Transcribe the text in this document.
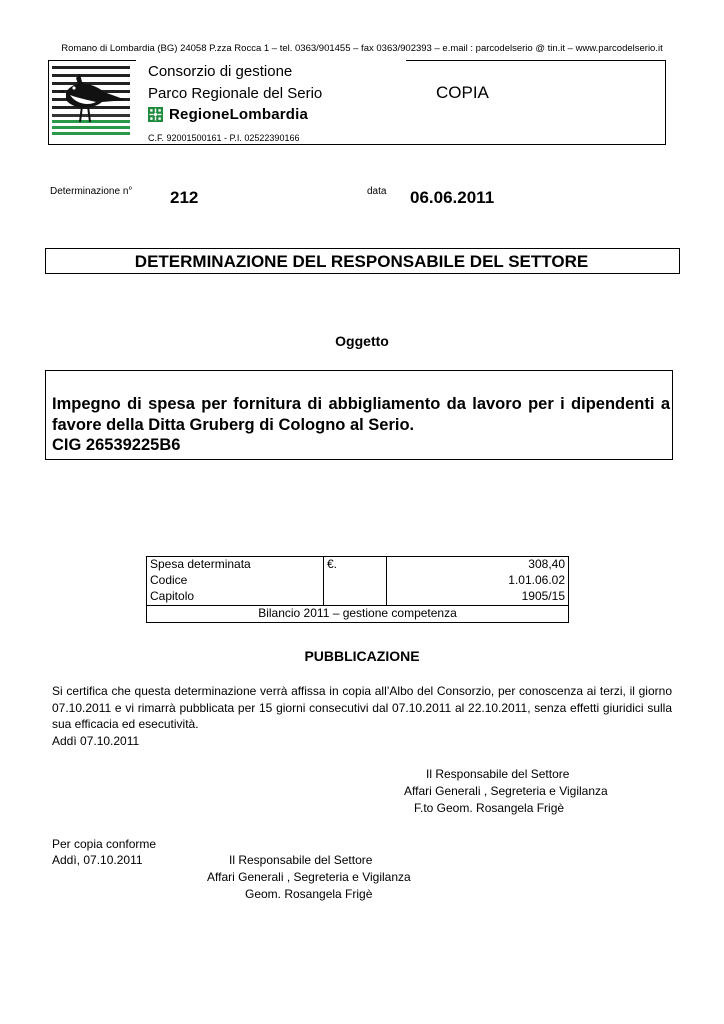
Romano di Lombardia (BG) 24058 P.zza Rocca 1 – tel. 0363/901455 – fax 0363/902393 – e.mail : parcodelserio @ tin.it – www.parcodelserio.it
Consorzio di gestione
Parco Regionale del Serio	COPIA
RegioneLombardia
C.F. 92001500161 - P.I. 02522390166
Determinazione n° 212	data 06.06.2011
DETERMINAZIONE DEL RESPONSABILE DEL SETTORE
Oggetto
Impegno di spesa per fornitura di abbigliamento da lavoro per i dipendenti a
favore della Ditta Gruberg di Cologno al Serio.
CIG 26539225B6
Spesa determinata	€.	308,40
Codice		1.01.06.02
Capitolo		1905/15
Bilancio 2011 – gestione competenza		
PUBBLICAZIONE
Si certifica che questa determinazione verrà affissa in copia all’Albo del Consorzio, per conoscenza ai terzi, il giorno
07.10.2011 e vi rimarrà pubblicata per 15 giorni consecutivi dal 07.10.2011 al 22.10.2011, senza effetti giuridici sulla
sua efficacia ed esecutività.
Addì 07.10.2011
Il Responsabile del Settore
Affari Generali , Segreteria e Vigilanza
F.to Geom. Rosangela Frigè
Per copia conforme
Addì, 07.10.2011	Il Responsabile del Settore
Affari Generali , Segreteria e Vigilanza
Geom. Rosangela Frigè
